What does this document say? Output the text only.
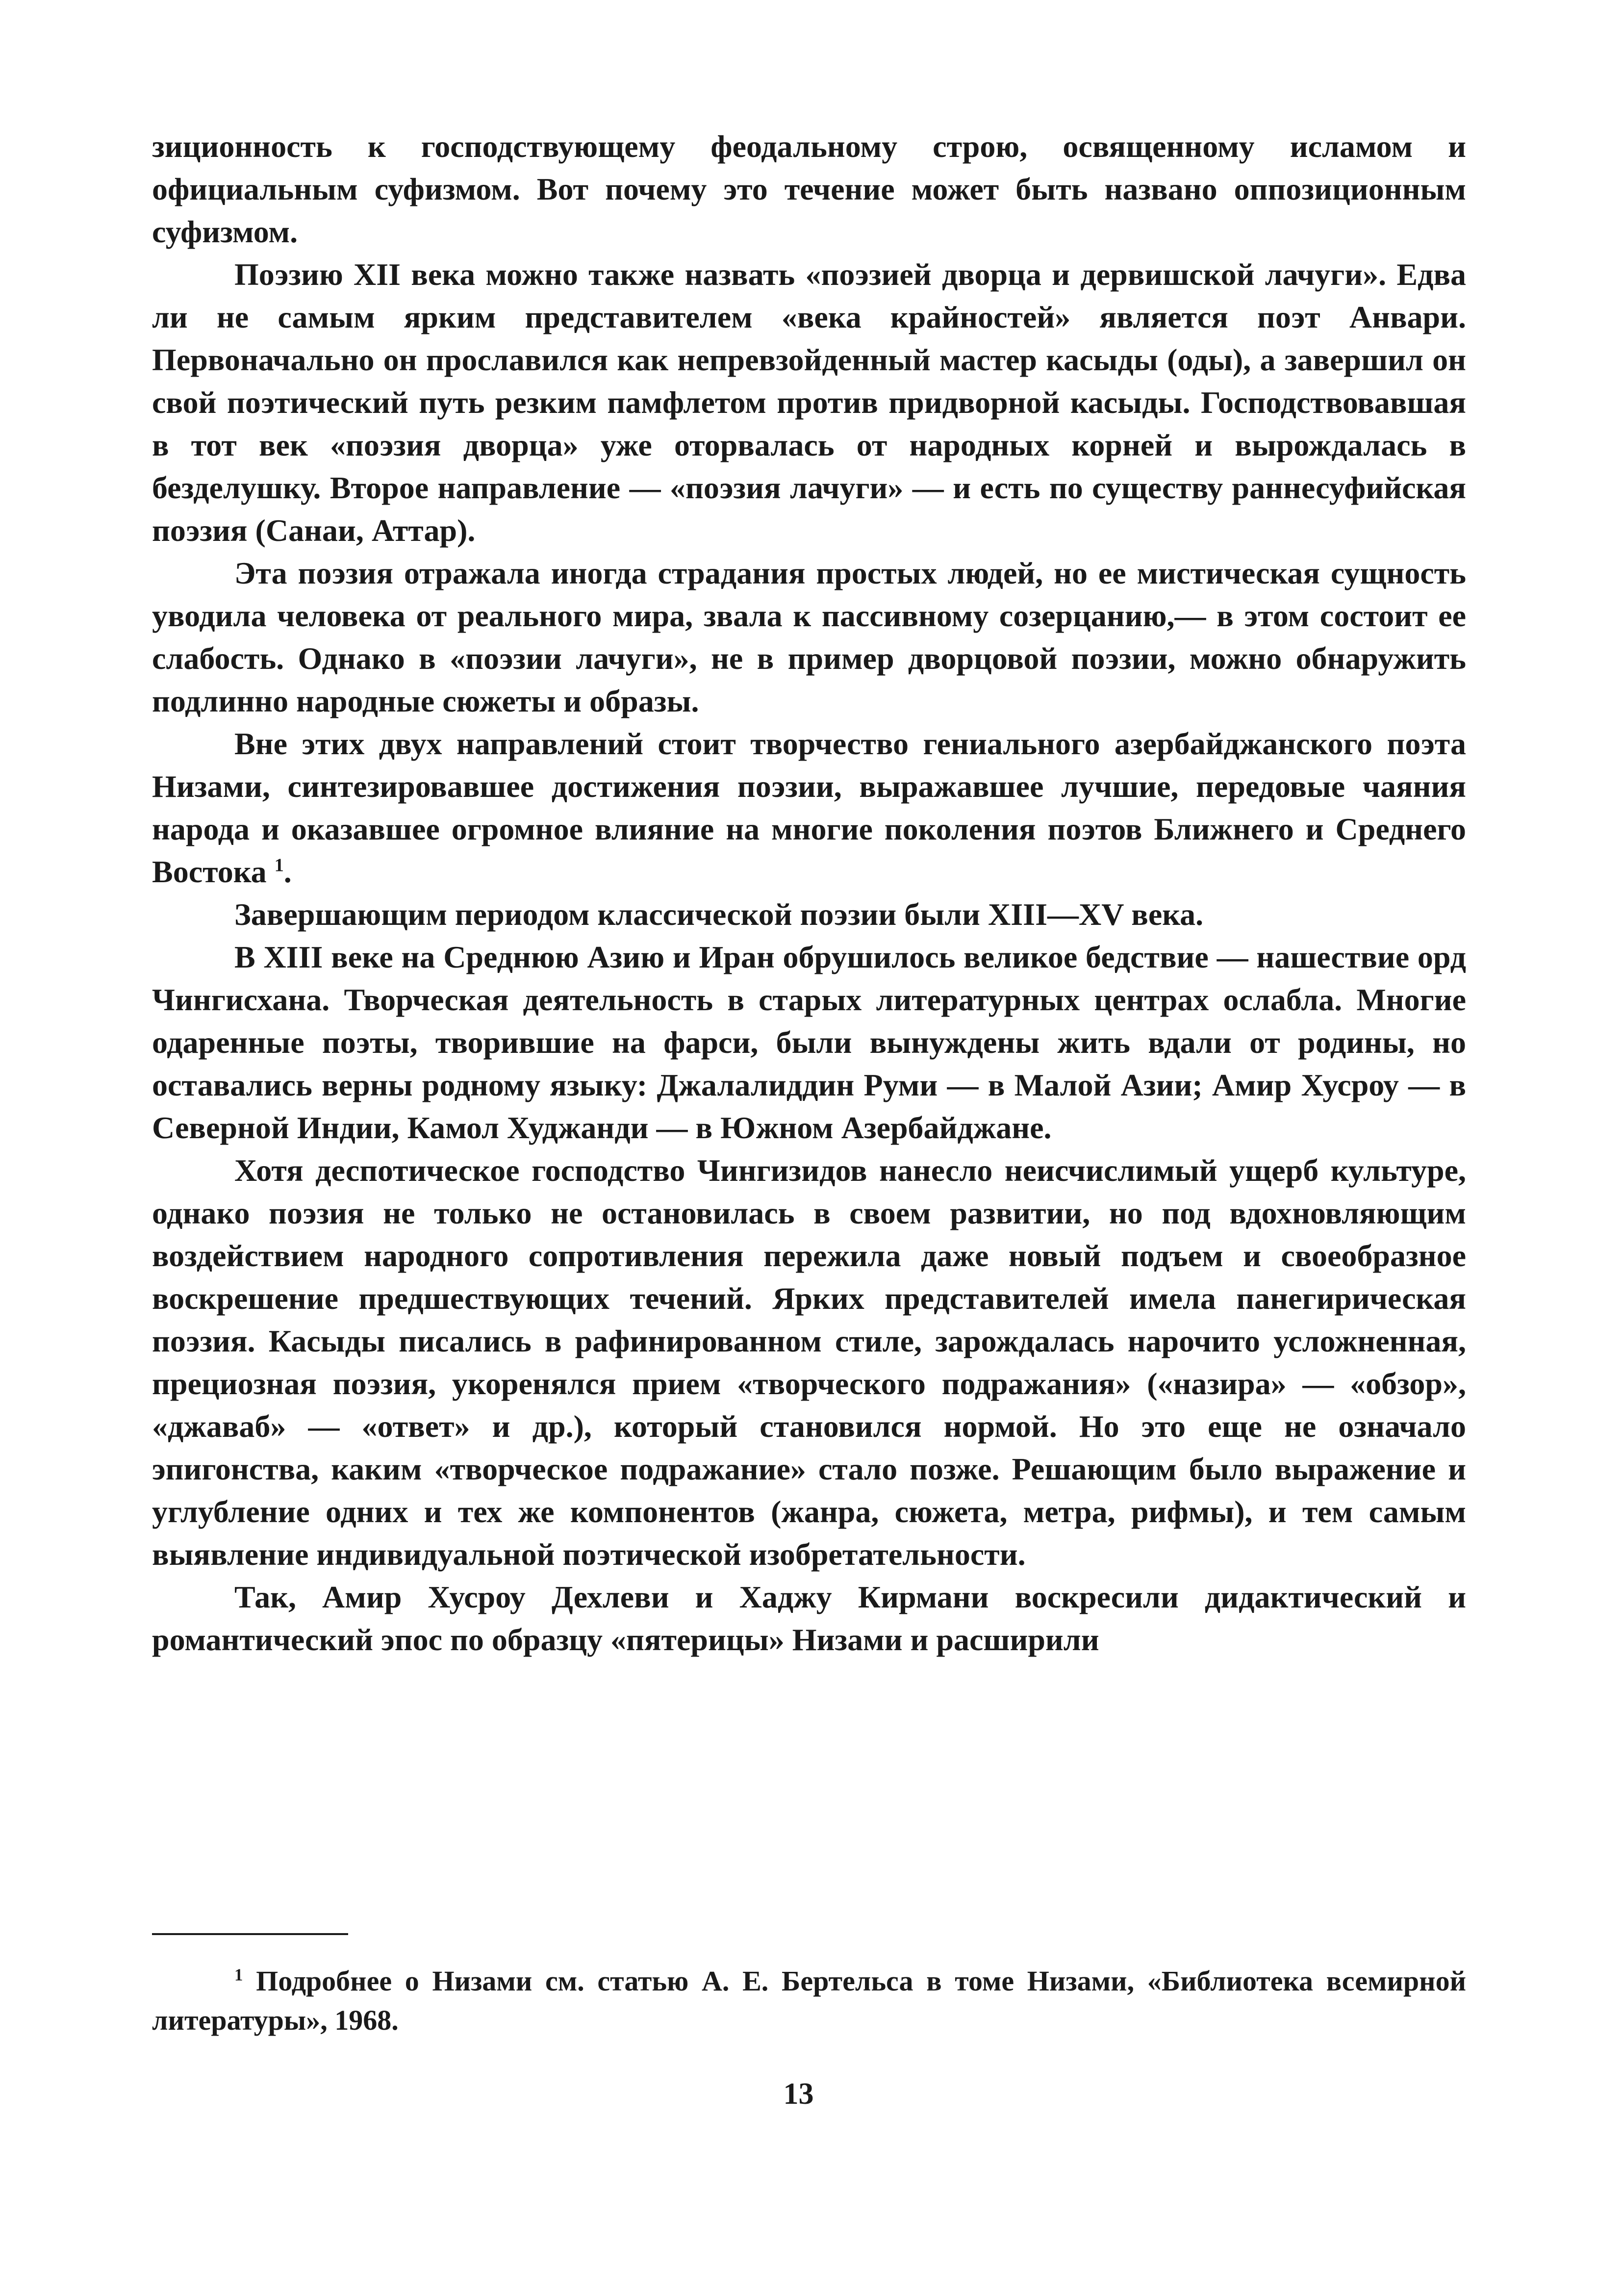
зиционность к господствующему феодальному строю, освященному исламом и официальным суфизмом. Вот почему это течение может быть названо оппозиционным суфизмом.

Поэзию XII века можно также назвать «поэзией дворца и дервишской лачуги». Едва ли не самым ярким представителем «века крайностей» является поэт Анвари. Первоначально он прославился как непревзойденный мастер касыды (оды), а завершил он свой поэтический путь резким памфлетом против придворной касыды. Господствовавшая в тот век «поэзия дворца» уже оторвалась от народных корней и вырождалась в безделушку. Второе направление — «поэзия лачуги» — и есть по существу раннесуфийская поэзия (Санаи, Аттар).

Эта поэзия отражала иногда страдания простых людей, но ее мистическая сущность уводила человека от реального мира, звала к пассивному созерцанию,— в этом состоит ее слабость. Однако в «поэзии лачуги», не в пример дворцовой поэзии, можно обнаружить подлинно народные сюжеты и образы.

Вне этих двух направлений стоит творчество гениального азербайджанского поэта Низами, синтезировавшее достижения поэзии, выражавшее лучшие, передовые чаяния народа и оказавшее огромное влияние на многие поколения поэтов Ближнего и Среднего Востока $^1$.

Завершающим периодом классической поэзии были XIII—XV века.

В XIII веке на Среднюю Азию и Иран обрушилось великое бедствие — нашествие орд Чингисхана. Творческая деятельность в старых литературных центрах ослабла. Многие одаренные поэты, творившие на фарси, были вынуждены жить вдали от родины, но оставались верны родному языку: Джалалиддин Руми — в Малой Азии; Амир Хусроу — в Северной Индии, Камол Худжанди — в Южном Азербайджане.

Хотя деспотическое господство Чингизидов нанесло неисчислимый ущерб культуре, однако поэзия не только не остановилась в своем развитии, но под вдохновляющим воздействием народного сопротивления пережила даже новый подъем и своеобразное воскрешение предшествующих течений. Ярких представителей имела панегирическая поэзия. Касыды писались в рафинированном стиле, зарождалась нарочито усложненная, прециозная поэзия, укоренялся прием «творческого подражания» («назира» — «обзор», «джаваб» — «ответ» и др.), который становился нормой. Но это еще не означало эпигонства, каким «творческое подражание» стало позже. Решающим было выражение и углубление одних и тех же компонентов (жанра, сюжета, метра, рифмы), и тем самым выявление индивидуальной поэтической изобретательности.

Так, Амир Хусроу Дехлеви и Хаджу Кирмани воскресили дидактический и романтический эпос по образцу «пятерицы» Низами и расширили

$^1$ Подробнее о Низами см. статью А. Е. Бертельса в томе Низами, «Библиотека всемирной литературы», 1968.

13
